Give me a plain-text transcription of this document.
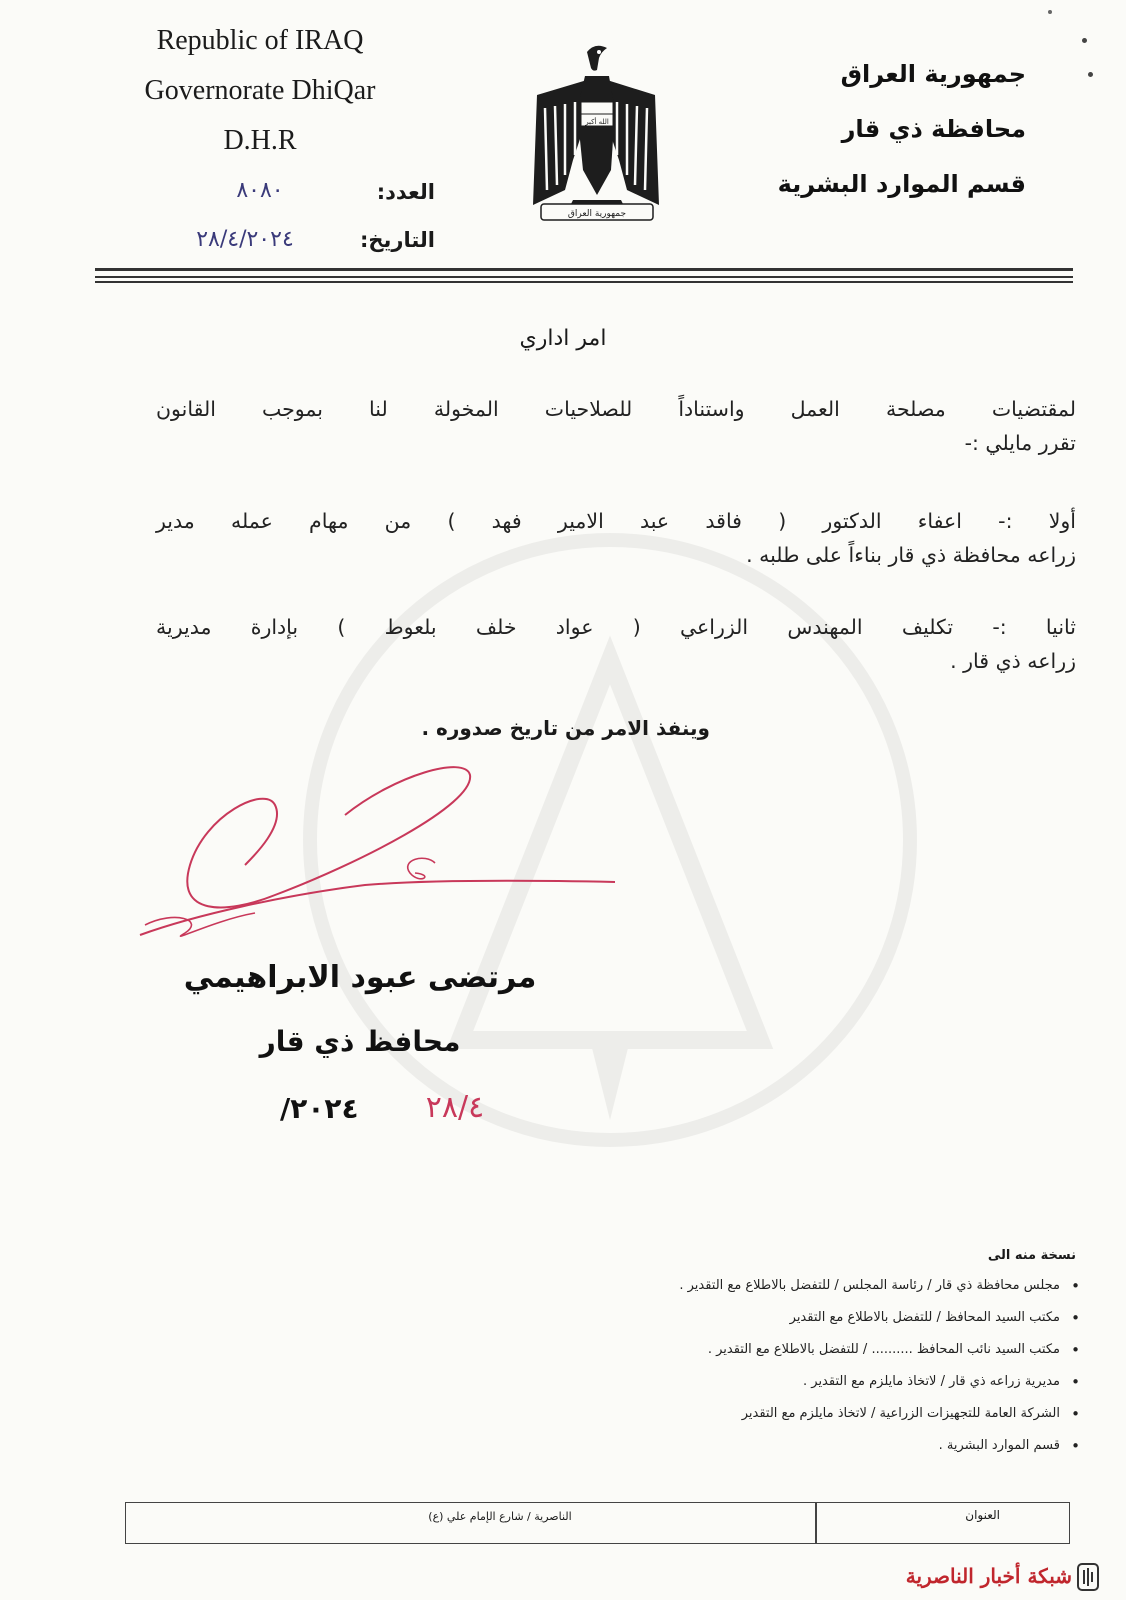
Republic of IRAQ
Governorate DhiQar
D.H.R
جمهورية العراق
محافظة ذي قار
قسم الموارد البشرية
الله أكبر
جمهورية العراق
العدد:
٨٠٨٠
التاريخ:
٢٨/٤/٢٠٢٤
امر اداري
لمقتضيات مصلحة العمل واستناداً للصلاحيات المخولة لنا بموجب القانون
تقرر مايلي :-
أولا :- اعفاء الدكتور ( فاقد عبد الامير فهد ) من مهام عمله مدير
زراعه محافظة ذي قار بناءاً على طلبه .
ثانيا :- تكليف المهندس الزراعي ( عواد خلف بلعوط ) بإدارة مديرية
زراعه ذي قار .
وينفذ الامر من تاريخ صدوره .
مرتضى عبود الابراهيمي
محافظ ذي قار
/٢٠٢٤	٢٨/٤
نسخة منه الى
• مجلس محافظة ذي قار / رئاسة المجلس / للتفضل بالاطلاع مع التقدير .
• مكتب السيد المحافظ / للتفضل بالاطلاع مع التقدير
• مكتب السيد نائب المحافظ .......... / للتفضل بالاطلاع مع التقدير .
• مديرية زراعه ذي قار / لاتخاذ مايلزم مع التقدير .
• الشركة العامة للتجهيزات الزراعية / لاتخاذ مايلزم مع التقدير
• قسم الموارد البشرية .
العنوان
الناصرية / شارع الإمام علي (ع)
شبكة أخبار الناصرية
